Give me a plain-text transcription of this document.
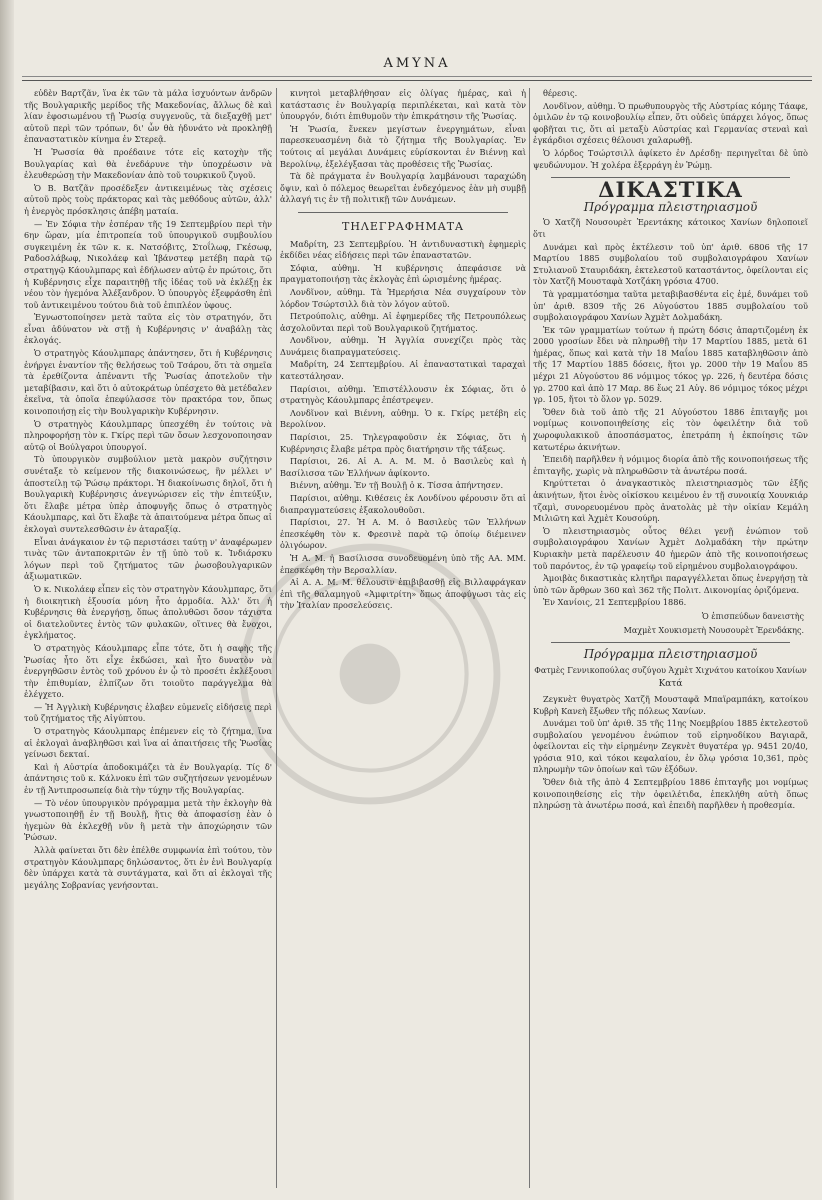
ΑΜΥΝΑ

εὐδὲν Βαρτζᾶν, ἵνα ἐκ τῶν τὰ μάλα ἰσχυόντων ἀνδρῶν τῆς Βουλγαρικῆς μερίδος τῆς Μακεδονίας, ἄλλως δὲ καὶ λίαν ἐφοσιωμένου τῇ Ῥωσίᾳ συγγενοῦς, τὰ διεξαχθῇ μετ' αὐτοῦ περὶ τῶν τρόπων, δι' ὧν θὰ ἠδυνάτο νὰ προκληθῇ ἐπαναστατικὸν κίνημα ἐν Στερεᾷ.

Ἡ Ῥωσσία θὰ προέδαινε τότε εἰς κατοχὴν τῆς Βουλγαρίας καὶ θὰ ἐνεδάρυνε τὴν ὑποχρέωσιν νὰ ἐλευθερώσῃ τὴν Μακεδονίαν ἀπὸ τοῦ τουρκικοῦ ζυγοῦ.

Ὁ Β. Βατζᾶν προσέδεξεν ἀντικειμένως τὰς σχέσεις αὐτοῦ πρὸς τοὺς πράκτορας καὶ τὰς μεθόδους αὐτῶν, ἀλλ' ἡ ἐνεργὸς πρόσκλησις ἀπέβη ματαία.

— Ἐν Σόφια τὴν ἑσπέραν τῆς 19 Σεπτεμβρίου περὶ τὴν 6ην ὥραν, μία ἐπιτροπεία τοῦ ὑπουργικοῦ συμβουλίου συγκειμένη ἐκ τῶν κ. κ. Νατσόβιτς, Στοΐλωφ, Γκέσωφ, Ραδοσλάβωφ, Νικολάεφ καὶ Ἰβάνστεφ μετέβη παρὰ τῷ στρατηγῷ Κάουλμπαρς καὶ ἐδήλωσεν αὐτῷ ἐν πρώτοις, ὅτι ἡ Κυβέρνησις εἶχε παραιτηθῇ τῆς ἰδέας τοῦ νὰ ἐκλέξῃ ἐκ νέου τὸν ἡγεμόνα Ἀλέξανδρον. Ὁ ὑπουργὸς ἐξεφράσθη ἐπὶ τοῦ ἀντικειμένου τούτου διὰ τοῦ ἐπιπλέον ὑφους.

Ἐγνωστοποίησεν μετὰ ταῦτα εἰς τὸν στρατηγόν, ὅτι εἶναι ἀδύνατον νὰ στῇ ἡ Κυβέρνησις ν' ἀναβάλῃ τὰς ἐκλογάς.

Ὁ στρατηγὸς Κάουλμπαρς ἀπάντησεν, ὅτι ἡ Κυβέρνησις ἐνήργει ἐναντίον τῆς θελήσεως τοῦ Τσάρου, ὅτι τὰ σημεῖα τὰ ἐρεθίζοντα ἀπέναντι τῆς Ῥωσίας ἀποτελοῦν τὴν μεταβίβασιν, καὶ ὅτι ὁ αὐτοκράτωρ ὑπέσχετο θὰ μετέδαλεν ἐκεῖνα, τὰ ὁποῖα ἐπεφύλασσε τὸν πρακτόρα τον, ὅπως κοινοποιήσῃ εἰς τὴν Βουλγαρικὴν Κυβέρνησιν.

Ὁ στρατηγὸς Κάουλμπαρς ὑπεσχέθη ἐν τούτοις νὰ πληροφορήσῃ τὸν κ. Γκίρς περὶ τῶν ὅσων λεσχονοποιησαν αὐτῷ οἱ Βούλγαροι ὑπουργοί.

Τὸ ὑπουργικὸν συμβούλιον μετὰ μακρὸν συζήτησιν συνέταξε τὸ κείμενον τῆς διακοινώσεως, ἣν μέλλει ν' ἀποστείλῃ τῷ Ῥώσῳ πράκτορι. Ἡ διακοίνωσις δηλοῖ, ὅτι ἡ Βουλγαρικὴ Κυβέρνησις ἀνεγνώρισεν εἰς τὴν ἐπιτεύξιν, ὅτι ἔλαβε μέτρα ὑπὲρ ἀποφυγῆς ὅπως ὁ στρατηγὸς Κάουλμπαρς, καὶ ὅτι ἔλαβε τὰ ἀπαιτούμενα μέτρα ὅπως αἱ ἐκλογαὶ συντελεσθῶσιν ἐν ἀταραξίᾳ.

Εἶναι ἀνάγκαιον ἐν τῷ περιστάσει ταύτῃ ν' ἀναφέρωμεν τινὰς τῶν ἀνταποκριτῶν ἐν τῇ ὑπὸ τοῦ κ. Ἰνδιάρσκυ λόγων περὶ τοῦ ζητήματος τῶν ῥωσοβουλγαρικῶν ἀξιωματικῶν.

Ὁ κ. Νικολάεφ εἶπεν εἰς τὸν στρατηγὸν Κάουλμπαρς, ὅτι ἡ διοικητικὴ ἐξουσία μόνη ἦτο ἁρμοδία. Ἀλλ' ὅτι ἡ Κυβέρνησις θὰ ἐνεργήσῃ, ὅπως ἀπολυθῶσι ὅσον τάχιστα οἱ διατελοῦντες ἐντὸς τῶν φυλακῶν, οἵτινες θὰ ἔνοχοι, ἐγκλήματος.

Ὁ στρατηγὸς Κάουλμπαρς εἶπε τότε, ὅτι ἡ σαφὴς τῆς Ῥωσίας ἦτο ὅτι εἶχε ἐκδώσει, καὶ ἦτο δυνατὸν νὰ ἐνεργηθῶσιν ἐντὸς τοῦ χρόνου ἐν ᾧ τὸ προσέτι ἐκλέξουσι τὴν ἐπιθυμίαν, ἐλπίζων ὅτι τοιοῦτο παράγγελμα θὰ ἐλέγχετο.

— Ἡ Ἀγγλικὴ Κυβέρνησις ἐλαβεν εὐμενεῖς εἰδήσεις περὶ τοῦ ζητήματος τῆς Αἰγύπτου.

Ὁ στρατηγὸς Κάουλμπαρς ἐπέμενεν εἰς τὸ ζήτημα, ἵνα αἱ ἐκλογαὶ ἀναβληθῶσι καὶ ἵνα αἱ ἀπαιτήσεις τῆς Ῥωσίας γείνωσι δεκταί.

Καὶ ἡ Αὐστρία ἀποδοκιμάζει τὰ ἐν Βουλγαρίᾳ. Τίς δ' ἀπάντησις τοῦ κ. Κάλνοκυ ἐπὶ τῶν συζητήσεων γενομένων ἐν τῇ Ἀντιπροσωπείᾳ διὰ τὴν τύχην τῆς Βουλγαρίας.

— Τὸ νέον ὑπουργικὸν πρόγραμμα μετὰ τὴν ἐκλογὴν θὰ γνωστοποιηθῇ ἐν τῇ Βουλῇ, ἥτις θὰ ἀποφασίσῃ ἐὰν ὁ ἡγεμὼν θὰ ἐκλεχθῇ νῦν ἢ μετὰ τὴν ἀποχώρησιν τῶν Ῥώσων.

Ἀλλὰ φαίνεται ὅτι δὲν ἐπέλθε συμφωνία ἐπὶ τούτου, τὸν στρατηγὸν Κάουλμπαρς δηλώσαντος, ὅτι ἐν ἐνὶ Βουλγαρίᾳ δὲν ὑπάρχει κατὰ τὰ συντάγματα, καὶ ὅτι αἱ ἐκλογαὶ τῆς μεγάλης Σοβρανίας γενήσονται.

κινητοὶ μεταβλήθησαν εἰς ὀλίγας ἡμέρας, καὶ ἡ κατάστασις ἐν Βουλγαρίᾳ περιπλέκεται, καὶ κατὰ τὸν ὑπουργόν, διότι ἐπιθυμοῦν τὴν ἐπικράτησιν τῆς Ῥωσίας.

Ἡ Ῥωσία, ἕνεκεν μεγίστων ἐνεργημάτων, εἶναι παρεσκευασμένη διὰ τὸ ζήτημα τῆς Βουλγαρίας. Ἐν τούτοις αἱ μεγάλαι Δυνάμεις εὑρίσκονται ἐν Βιέννῃ καὶ Βερολίνῳ, ἐξελέγξασαι τὰς προθέσεις τῆς Ῥωσίας.

Τὰ δὲ πράγματα ἐν Βουλγαρίᾳ λαμβάνουσι ταραχώδη ὄψιν, καὶ ὁ πόλεμος θεωρεῖται ἐνδεχόμενος ἐὰν μὴ συμβῇ ἀλλαγή τις ἐν τῇ πολιτικῇ τῶν Δυνάμεων.

ΤΗΛΕΓΡΑΦΗΜΑΤΑ

Μαδρίτη, 23 Σεπτεμβρίου. Ἡ ἀντιδυναστικὴ ἐφημερὶς ἐκδίδει νέας εἰδήσεις περὶ τῶν ἐπαναστατῶν.

Σόφια, αὐθημ. Ἡ κυβέρνησις ἀπεφάσισε νὰ πραγματοποιήσῃ τὰς ἐκλογὰς ἐπὶ ὡρισμένης ἡμέρας.

Λονδῖνον, αὐθημ. Τὰ Ἡμερήσια Νέα συγχαίρουν τὸν λόρδον Τσώρτσιλλ διὰ τὸν λόγον αὐτοῦ.

Πετρούπολις, αὐθημ. Αἱ ἐφημερίδες τῆς Πετρουπόλεως ἀσχολοῦνται περὶ τοῦ Βουλγαρικοῦ ζητήματος.

Λονδῖνον, αὐθημ. Ἡ Ἀγγλία συνεχίζει πρὸς τὰς Δυνάμεις διαπραγματεύσεις.

Μαδρίτη, 24 Σεπτεμβρίου. Αἱ ἐπαναστατικαὶ ταραχαὶ κατεστάλησαν.

Παρίσιοι, αὐθημ. Ἐπιστέλλουσιν ἐκ Σόφιας, ὅτι ὁ στρατηγὸς Κάουλμπαρς ἐπέστρεψεν.

Λονδῖνον καὶ Βιέννη, αὐθημ. Ὁ κ. Γκίρς μετέβη εἰς Βερολίνον.

Παρίσιοι, 25. Τηλεγραφοῦσιν ἐκ Σόφιας, ὅτι ἡ Κυβέρνησις ἔλαβε μέτρα πρὸς διατήρησιν τῆς τάξεως.

Παρίσιοι, 26. Αἱ Α. Α. Μ. Μ. ὁ Βασιλεὺς καὶ ἡ Βασίλισσα τῶν Ἑλλήνων ἀφίκοντο.

Βιέννη, αὐθημ. Ἐν τῇ Βουλῇ ὁ κ. Τίσσα ἀπήντησεν.

Παρίσιοι, αὐθημ. Κιθέσεις ἐκ Λονδίνου φέρουσιν ὅτι αἱ διαπραγματεύσεις ἐξακολουθοῦσι.

Παρίσιοι, 27. Ἡ Α. Μ. ὁ Βασιλεὺς τῶν Ἑλλήνων ἐπεσκέφθη τὸν κ. Φρεσινὲ παρὰ τῷ ὁποίῳ διέμεινεν ὀλιγόωρον.

Ἡ Α. Μ. ἡ Βασίλισσα συνοδευομένη ὑπὸ τῆς ΑΑ. ΜΜ. ἐπεσκέφθη τὴν Βερσαλλίαν.

Αἱ Α. Α. Μ. Μ. θέλουσιν ἐπιβιβασθῇ εἰς Βιλλαφράγκαν ἐπὶ τῆς θαλαμηγοῦ «Ἀμφιτρίτη» ὅπως ἀποφύγωσι τὰς εἰς τὴν Ἰταλίαν προσελεύσεις.

θέρεσις.

Λονδῖνον, αὐθημ. Ὁ πρωθυπουργὸς τῆς Αὐστρίας κόμης Τάαφε, ὁμιλῶν ἐν τῷ κοινοβουλίῳ εἶπεν, ὅτι οὐδεὶς ὑπάρχει λόγος, ὅπως φοβῆται τις, ὅτι αἱ μεταξὺ Αὐστρίας καὶ Γερμανίας στεναὶ καὶ ἐγκάρδιοι σχέσεις θέλουσι χαλαρωθῇ.

Ὁ λόρδος Τσώρτσιλλ ἀφίκετο ἐν Δρέσδῃ· περιηγεῖται δὲ ὑπὸ ψευδώνυμον. Ἡ χολέρα ἐξερράγη ἐν Ῥώμῃ.

ΔΙΚΑΣΤΙΚΑ
Πρόγραμμα πλειστηριασμοῦ

Ὁ Χατζῆ Νουσουρὲτ Ἐρεντάκης κάτοικος Χανίων δηλοποιεῖ ὅτι

Δυνάμει καὶ πρὸς ἐκτέλεσιν τοῦ ὑπ' ἀριθ. 6806 τῆς 17 Μαρτίου 1885 συμβολαίου τοῦ συμβολαιογράφου Χανίων Στυλιανοῦ Σταυριδάκη, ἐκτελεστοῦ καταστάντος, ὀφείλονται εἰς τὸν Χατζῆ Μουσταφὰ Χοτζάκη γρόσια 4700.

Τὰ γραμματόσημα ταῦτα μεταβιβασθέντα εἰς ἐμέ, δυνάμει τοῦ ὑπ' ἀριθ. 8309 τῆς 26 Αὐγούστου 1885 συμβολαίου τοῦ συμβολαιογράφου Χανίων Ἀχμὲτ Δολμαδάκη.

Ἐκ τῶν γραμματίων τούτων ἡ πρώτη δόσις ἀπαρτιζομένη ἐκ 2000 γροσίων ἔδει νὰ πληρωθῇ τὴν 17 Μαρτίου 1885, μετὰ 61 ἡμέρας, ὅπως καὶ κατὰ τὴν 18 Μαΐου 1885 καταβληθῶσιν ἀπὸ τῆς 17 Μαρτίου 1885 δόσεις, ἥτοι γρ. 2000 τὴν 19 Μαΐου 85 μέχρι 21 Αὐγούστου 86 νόμιμος τόκος γρ. 226, ἡ δευτέρα δόσις γρ. 2700 καὶ ἀπὸ 17 Μαρ. 86 ἕως 21 Αὐγ. 86 νόμιμος τόκος μέχρι γρ. 105, ἤτοι τὸ ὅλον γρ. 5029.

Ὅθεν διὰ τοῦ ἀπὸ τῆς 21 Αὐγούστου 1886 ἐπιταγῆς μοι νομίμως κοινοποιηθείσης εἰς τὸν ὀφειλέτην διὰ τοῦ χωροφυλακικοῦ ἀποσπάσματος, ἐπετράπη ἡ ἐκποίησις τῶν κατωτέρω ἀκινήτων.

Ἐπειδὴ παρῆλθεν ἡ νόμιμος διορία ἀπὸ τῆς κοινοποιήσεως τῆς ἐπιταγῆς, χωρὶς νὰ πληρωθῶσιν τὰ ἀνωτέρω ποσά.

Κηρύττεται ὁ ἀναγκαστικὸς πλειστηριασμὸς τῶν ἑξῆς ἀκινήτων, ἤτοι ἑνὸς οἰκίσκου κειμένου ἐν τῇ συνοικίᾳ Χουνκιάρ τζαμὶ, συνορευομένου πρὸς ἀνατολὰς μὲ τὴν οἰκίαν Κεμάλη Μιλιῶτη καὶ Ἀχμὲτ Κουσούρη.

Ὁ πλειστηριασμὸς οὗτος θέλει γενῇ ἐνώπιον τοῦ συμβολαιογράφου Χανίων Ἀχμὲτ Δολμαδάκη τὴν πρώτην Κυριακὴν μετὰ παρέλευσιν 40 ἡμερῶν ἀπὸ τῆς κοινοποιήσεως τοῦ παρόντος, ἐν τῷ γραφείῳ τοῦ εἰρημένου συμβολαιογράφου.

Ἀμοιβὰς δικαστικὰς κλητῆρι παραγγέλλεται ὅπως ἐνεργήσῃ τὰ ὑπὸ τῶν ἄρθρων 360 καὶ 362 τῆς Πολιτ. Δικονομίας ὁριζόμενα.

Ἐν Χανίοις, 21 Σεπτεμβρίου 1886.

Ὁ ἐπισπεύδων δανειστὴς
Μαχμὲτ Χουκισμετὴ Νουσουρὲτ Ἐρενδάκης.
Πρόγραμμα πλειστηριασμοῦ
Φατμὲς Γεννικοπούλας συζύγου Ἀχμὲτ Χιχνάτου κατοίκου Χανίων
Κατά

Ζεγκνὲτ θυγατρὸς Χατζῆ Μουσταφᾶ Μπαϊραμπάκη, κατοίκου Κυβρὴ Κανεὴ ἔξωθεν τῆς πόλεως Χανίων.

Δυνάμει τοῦ ὑπ' ἀριθ. 35 τῆς 11ης Νοεμβρίου 1885 ἐκτελεστοῦ συμβολαίου γενομένου ἐνώπιον τοῦ εἰρηνοδίκου Βαγιαρᾶ, ὀφείλονται εἰς τὴν εἰρημένην Ζεγκνὲτ θυγατέρα γρ. 9451 20/40, γρόσια 910, καὶ τόκοι κεφαλαίου, ἐν ὅλῳ γρόσια 10,361, πρὸς πληρωμὴν τῶν ὁποίων καὶ τῶν ἐξόδων.

Ὅθεν διὰ τῆς ἀπὸ 4 Σεπτεμβρίου 1886 ἐπιταγῆς μοι νομίμως κοινοποιηθείσης εἰς τὴν ὀφειλέτιδα, ἐπεκλήθη αὐτὴ ὅπως πληρώσῃ τὰ ἀνωτέρω ποσά, καὶ ἐπειδὴ παρῆλθεν ἡ προθεσμία.
